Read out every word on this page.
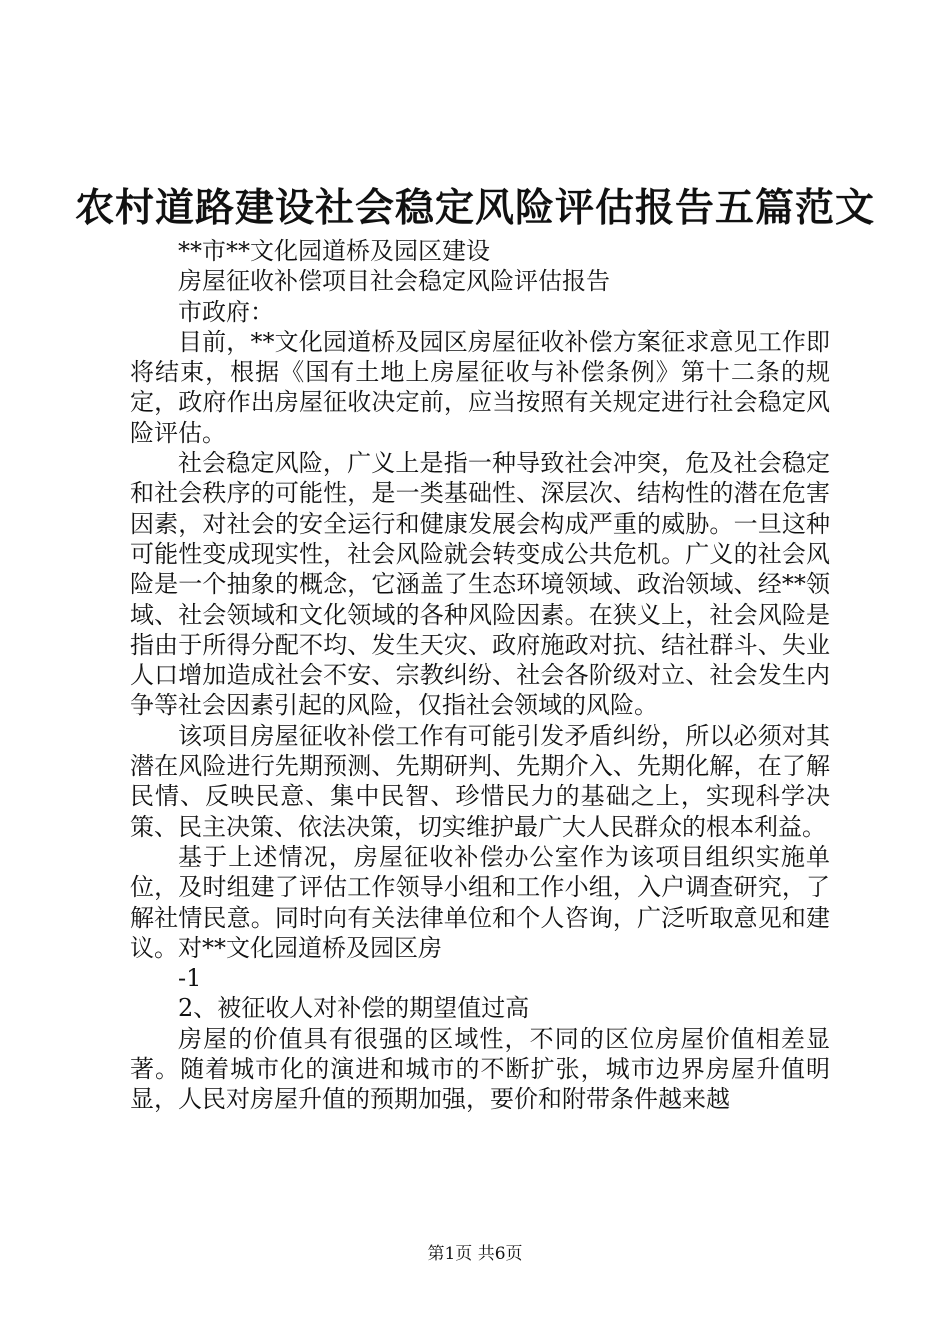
农村道路建设社会稳定风险评估报告五篇范文

**市**文化园道桥及园区建设

房屋征收补偿项目社会稳定风险评估报告

市政府：

目前，**文化园道桥及园区房屋征收补偿方案征求意见工作即将结束，根据《国有土地上房屋征收与补偿条例》第十二条的规定，政府作出房屋征收决定前，应当按照有关规定进行社会稳定风险评估。

社会稳定风险，广义上是指一种导致社会冲突，危及社会稳定和社会秩序的可能性，是一类基础性、深层次、结构性的潜在危害因素，对社会的安全运行和健康发展会构成严重的威胁。一旦这种可能性变成现实性，社会风险就会转变成公共危机。广义的社会风险是一个抽象的概念，它涵盖了生态环境领域、政治领域、经**领域、社会领域和文化领域的各种风险因素。在狭义上，社会风险是指由于所得分配不均、发生天灾、政府施政对抗、结社群斗、失业人口增加造成社会不安、宗教纠纷、社会各阶级对立、社会发生内争等社会因素引起的风险，仅指社会领域的风险。

该项目房屋征收补偿工作有可能引发矛盾纠纷，所以必须对其潜在风险进行先期预测、先期研判、先期介入、先期化解，在了解民情、反映民意、集中民智、珍惜民力的基础之上，实现科学决策、民主决策、依法决策，切实维护最广大人民群众的根本利益。

基于上述情况，房屋征收补偿办公室作为该项目组织实施单位，及时组建了评估工作领导小组和工作小组，入户调查研究，了解社情民意。同时向有关法律单位和个人咨询，广泛听取意见和建议。对**文化园道桥及园区房

-1

2、被征收人对补偿的期望值过高

房屋的价值具有很强的区域性，不同的区位房屋价值相差显著。随着城市化的演进和城市的不断扩张，城市边界房屋升值明显，人民对房屋升值的预期加强，要价和附带条件越来越

第1页 共6页
